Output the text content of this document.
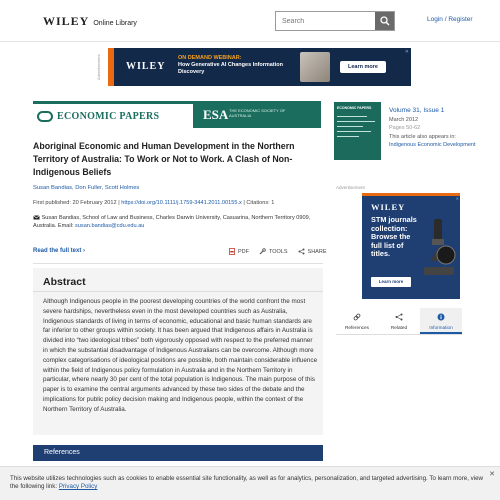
WILEY Online Library
Search
Login / Register
Advertisement	WILEY
ON DEMAND WEBINAR:
How Generative AI Changes Information Discovery
Learn more
✕
ECONOMIC PAPERS	ESA THE ECONOMIC SOCIETY OF AUSTRALIA
Aboriginal Economic and Human Development in the Northern Territory of Australia: To Work or Not to Work. A Clash of Non-Indigenous Beliefs
Susan Bandias, Don Fuller, Scott Holmes
First published: 20 February 2012 | https://doi.org/10.1111/j.1759-3441.2011.00155.x | Citations: 1
Susan Bandias, School of Law and Business, Charles Darwin University, Casuarina, Northern Territory 0909, Australia. Email: susan.bandias@cdu.edu.au
Read the full text ›	PDF	TOOLS	SHARE
Abstract

Although Indigenous people in the poorest developing countries of the world confront the most severe hardships, nevertheless even in the most developed countries such as Australia, Indigenous standards of living in terms of economic, educational and basic human standards are far inferior to other groups within society. It has been argued that Indigenous affairs in Australia is divided into “two ideological tribes” both vigorously opposed with respect to the preferred manner in which the substantial disadvantage of Indigenous Australians can be overcome. Although more complex categorisations of ideological positions are possible, both maintain considerable influence within the field of Indigenous policy formulation in Australia and in the Northern Territory in particular, where nearly 30 per cent of the total population is Indigenous. The main purpose of this paper is to examine the central arguments advanced by these two sides of the debate and the implications for public policy decision making and Indigenous people, within the context of the Northern Territory of Australia.

References
ECONOMIC PAPERS	Volume 31, Issue 1
March 2012
Pages 50-62
This article also appears in:
Indigenous Economic Development
Advertisement
WILEY
STM journals collection: Browse the full list of titles.
Learn more
✕
References	Related	Information
This website utilizes technologies such as cookies to enable essential site functionality, as well as for analytics, personalization, and targeted advertising. To learn more, view the following link: Privacy Policy
✕
